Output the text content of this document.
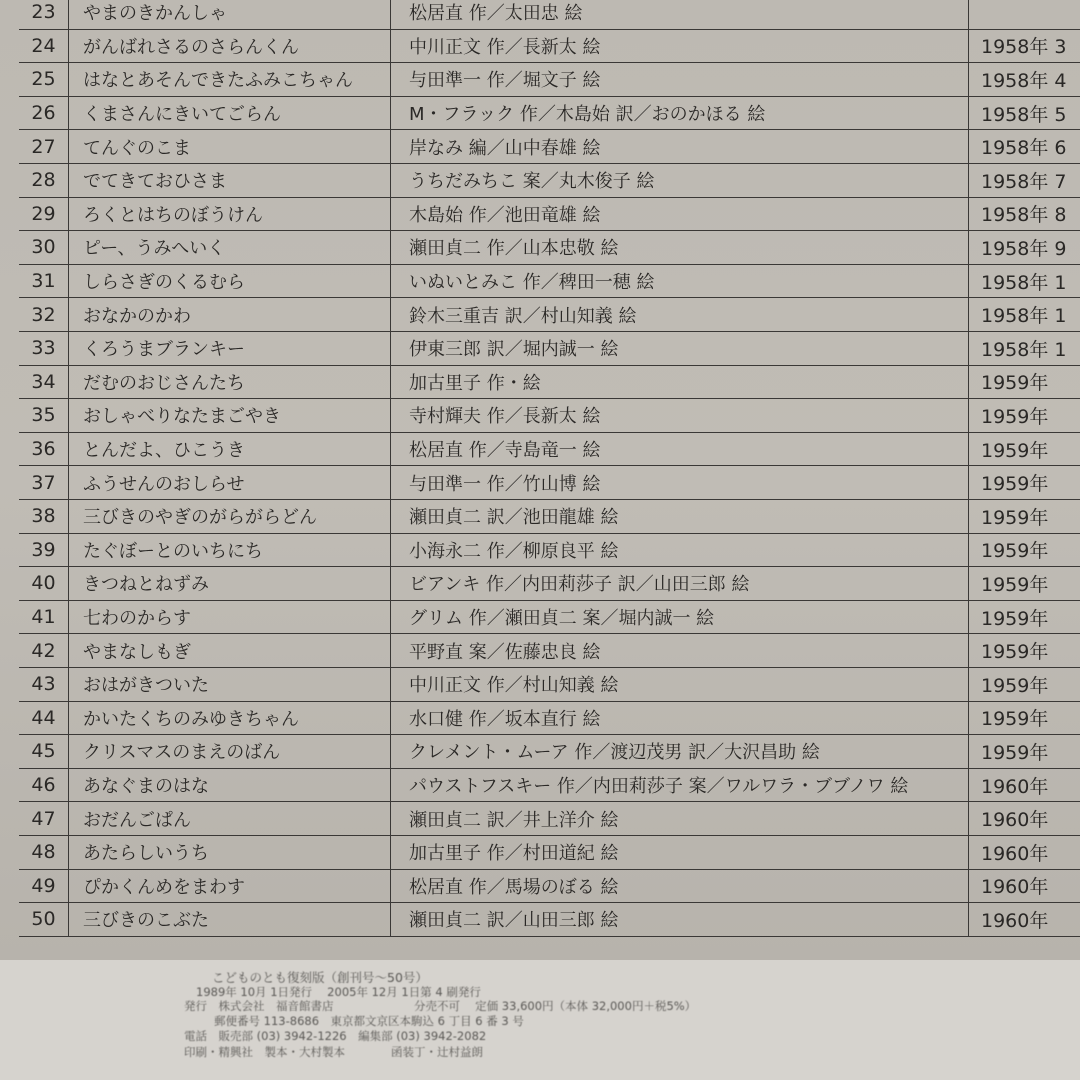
23	やまのきかんしゃ	松居直 作／太田忠 絵
24	がんばれさるのさらんくん	中川正文 作／長新太 絵	1958年 3
25	はなとあそんできたふみこちゃん	与田準一 作／堀文子 絵	1958年 4
26	くまさんにきいてごらん	M・フラック 作／木島始 訳／おのかほる 絵	1958年 5
27	てんぐのこま	岸なみ 編／山中春雄 絵	1958年 6
28	でてきておひさま	うちだみちこ 案／丸木俊子 絵	1958年 7
29	ろくとはちのぼうけん	木島始 作／池田竜雄 絵	1958年 8
30	ピー、うみへいく	瀬田貞二 作／山本忠敬 絵	1958年 9
31	しらさぎのくるむら	いぬいとみこ 作／稗田一穂 絵	1958年 1
32	おなかのかわ	鈴木三重吉 訳／村山知義 絵	1958年 1
33	くろうまブランキー	伊東三郎 訳／堀内誠一 絵	1958年 1
34	だむのおじさんたち	加古里子 作・絵	1959年
35	おしゃべりなたまごやき	寺村輝夫 作／長新太 絵	1959年
36	とんだよ、ひこうき	松居直 作／寺島竜一 絵	1959年
37	ふうせんのおしらせ	与田準一 作／竹山博 絵	1959年
38	三びきのやぎのがらがらどん	瀬田貞二 訳／池田龍雄 絵	1959年
39	たぐぼーとのいちにち	小海永二 作／柳原良平 絵	1959年
40	きつねとねずみ	ビアンキ 作／内田莉莎子 訳／山田三郎 絵	1959年
41	七わのからす	グリム 作／瀬田貞二 案／堀内誠一 絵	1959年
42	やまなしもぎ	平野直 案／佐藤忠良 絵	1959年
43	おはがきついた	中川正文 作／村山知義 絵	1959年
44	かいたくちのみゆきちゃん	水口健 作／坂本直行 絵	1959年
45	クリスマスのまえのばん	クレメント・ムーア 作／渡辺茂男 訳／大沢昌助 絵	1959年
46	あなぐまのはな	パウストフスキー 作／内田莉莎子 案／ワルワラ・ブブノワ 絵	1960年
47	おだんごぱん	瀬田貞二 訳／井上洋介 絵	1960年
48	あたらしいうち	加古里子 作／村田道紀 絵	1960年
49	ぴかくんめをまわす	松居直 作／馬場のぼる 絵	1960年
50	三びきのこぶた	瀬田貞二 訳／山田三郎 絵	1960年
こどものとも復刻版（創刊号〜50号）
1989年 10月 1日発行　 2005年 12月 1日第 4 刷発行
発行　株式会社　福音館書店　　　　　　　分売不可　 定価 33,600円（本体 32,000円＋税5%）
郵便番号 113-8686　東京都文京区本駒込 6 丁目 6 番 3 号
電話　販売部 (03) 3942-1226　編集部 (03) 3942-2082
印刷・精興社　製本・大村製本　　　　函装丁・辻村益朗
